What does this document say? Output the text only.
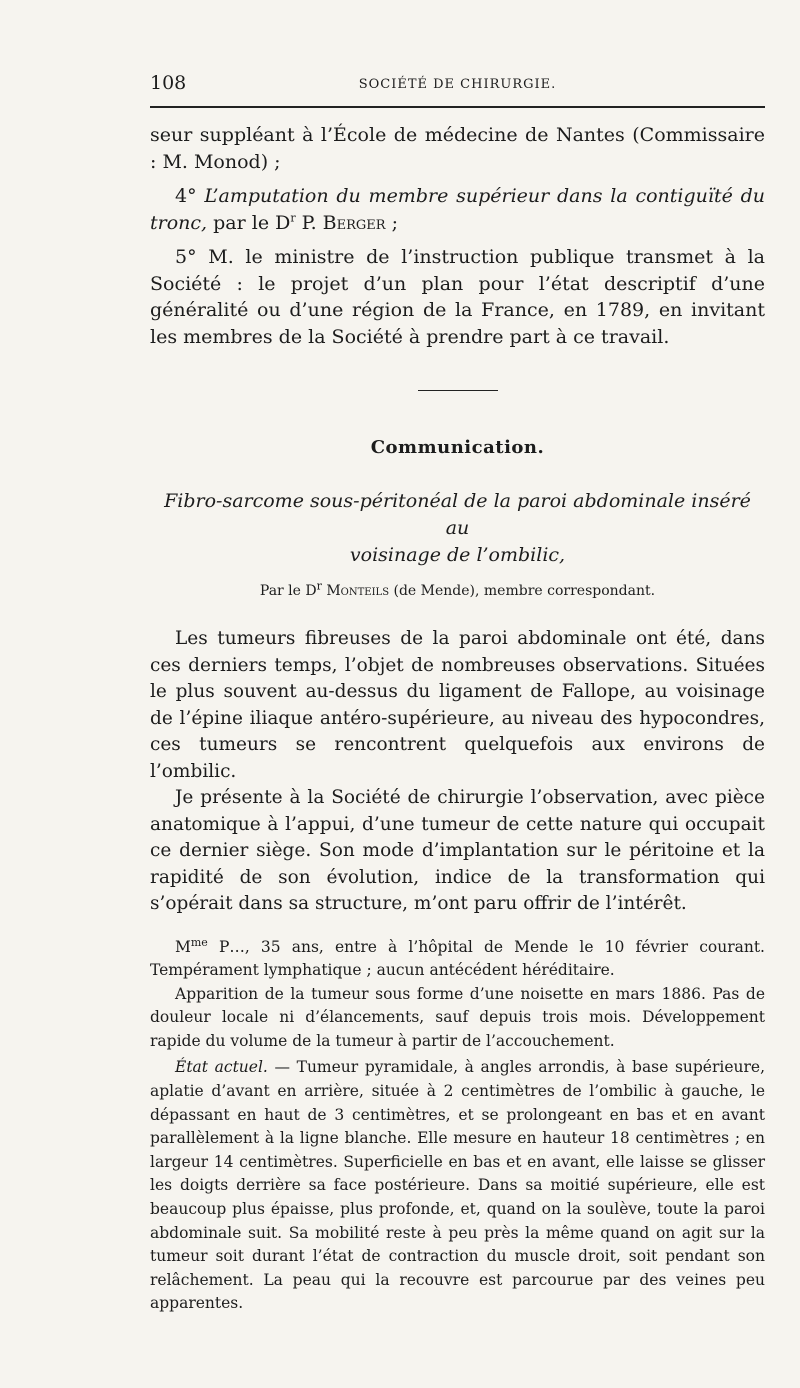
108	SOCIÉTÉ DE CHIRURGIE.

seur suppléant à l’École de médecine de Nantes (Commissaire : M. Monod) ;

4° L’amputation du membre supérieur dans la contiguïté du tronc, par le $D^r$ P. Berger ;

5° M. le ministre de l’instruction publique transmet à la Société : le projet d’un plan pour l’état descriptif d’une généralité ou d’une région de la France, en 1789, en invitant les membres de la Société à prendre part à ce travail.

Communication.
Fibro-sarcome sous-péritonéal de la paroi abdominale inséré au
voisinage de l’ombilic,
Par le $D^r$ Monteils (de Mende), membre correspondant.

Les tumeurs fibreuses de la paroi abdominale ont été, dans ces derniers temps, l’objet de nombreuses observations. Situées le plus souvent au-dessus du ligament de Fallope, au voisinage de l’épine iliaque antéro-supérieure, au niveau des hypocondres, ces tumeurs se rencontrent quelquefois aux environs de l’ombilic.

Je présente à la Société de chirurgie l’observation, avec pièce anatomique à l’appui, d’une tumeur de cette nature qui occupait ce dernier siège. Son mode d’implantation sur le péritoine et la rapidité de son évolution, indice de la transformation qui s’opérait dans sa structure, m’ont paru offrir de l’intérêt.

$M^{me}$ P…, 35 ans, entre à l’hôpital de Mende le 10 février courant. Tempérament lymphatique ; aucun antécédent héréditaire.

Apparition de la tumeur sous forme d’une noisette en mars 1886. Pas de douleur locale ni d’élancements, sauf depuis trois mois. Développement rapide du volume de la tumeur à partir de l’accouchement.

État actuel. — Tumeur pyramidale, à angles arrondis, à base supérieure, aplatie d’avant en arrière, située à 2 centimètres de l’ombilic à gauche, le dépassant en haut de 3 centimètres, et se prolongeant en bas et en avant parallèlement à la ligne blanche. Elle mesure en hauteur 18 centimètres ; en largeur 14 centimètres. Superficielle en bas et en avant, elle laisse se glisser les doigts derrière sa face postérieure. Dans sa moitié supérieure, elle est beaucoup plus épaisse, plus profonde, et, quand on la soulève, toute la paroi abdominale suit. Sa mobilité reste à peu près la même quand on agit sur la tumeur soit durant l’état de contraction du muscle droit, soit pendant son relâchement. La peau qui la recouvre est parcourue par des veines peu apparentes.
